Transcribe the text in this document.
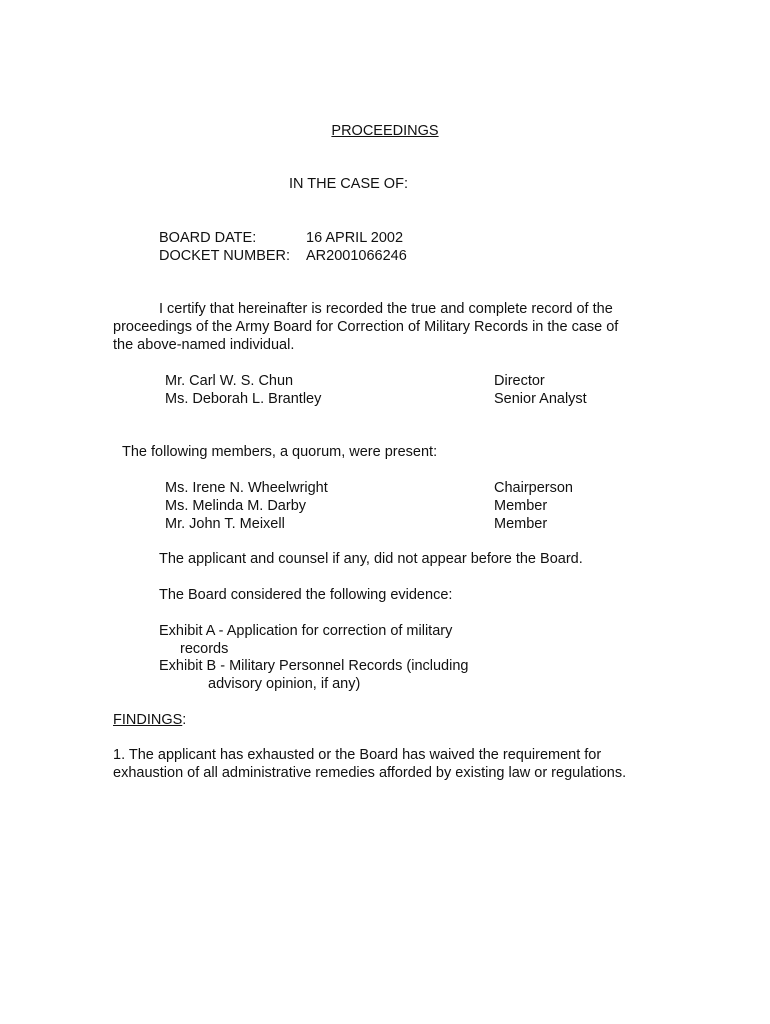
PROCEEDINGS
IN THE CASE OF:
BOARD DATE:	16 APRIL 2002
DOCKET NUMBER: AR2001066246
I certify that hereinafter is recorded the true and complete record of the
proceedings of the Army Board for Correction of Military Records in the case of
the above-named individual.
Mr. Carl W. S. Chun	Director
Ms. Deborah L. Brantley	Senior Analyst
The following members, a quorum, were present:
Ms. Irene N. Wheelwright	Chairperson
Ms. Melinda M. Darby	Member
Mr. John T. Meixell	Member
The applicant and counsel if any, did not appear before the Board.
The Board considered the following evidence:
Exhibit A - Application for correction of military
records
Exhibit B - Military Personnel Records (including
advisory opinion, if any)
FINDINGS:
1. The applicant has exhausted or the Board has waived the requirement for
exhaustion of all administrative remedies afforded by existing law or regulations.
